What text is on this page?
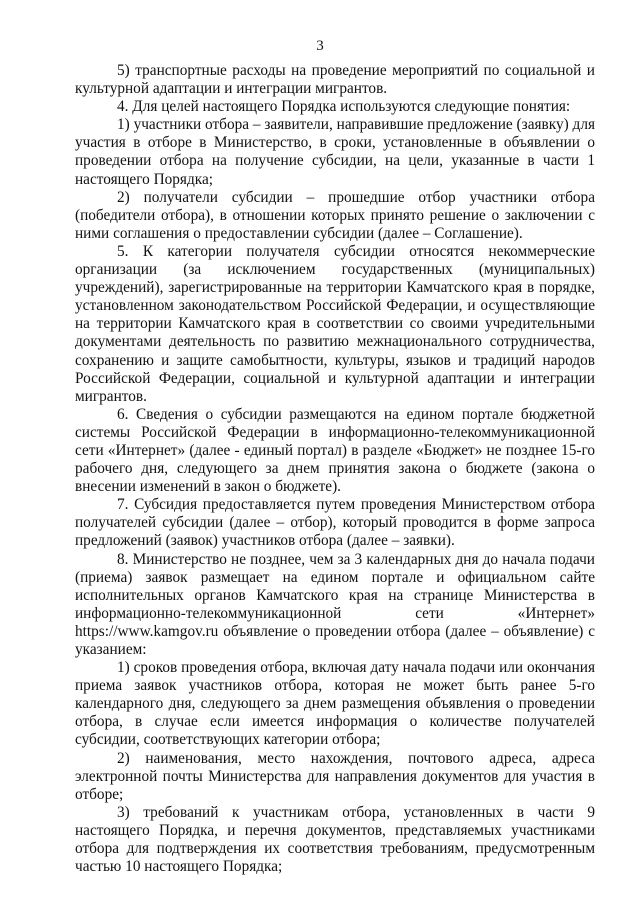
3

5) транспортные расходы на проведение мероприятий по социальной и культурной адаптации и интеграции мигрантов.

4. Для целей настоящего Порядка используются следующие понятия:

1) участники отбора – заявители, направившие предложение (заявку) для участия в отборе в Министерство, в сроки, установленные в объявлении о проведении отбора на получение субсидии, на цели, указанные в части 1 настоящего Порядка;

2) получатели субсидии – прошедшие отбор участники отбора (победители отбора), в отношении которых принято решение о заключении с ними соглашения о предоставлении субсидии (далее – Соглашение).

5. К категории получателя субсидии относятся некоммерческие организации (за исключением государственных (муниципальных) учреждений), зарегистрированные на территории Камчатского края в порядке, установленном законодательством Российской Федерации, и осуществляющие на территории Камчатского края в соответствии со своими учредительными документами деятельность по развитию межнационального сотрудничества, сохранению и защите самобытности, культуры, языков и традиций народов Российской Федерации, социальной и культурной адаптации и интеграции мигрантов.

6. Сведения о субсидии размещаются на едином портале бюджетной системы Российской Федерации в информационно-телекоммуникационной сети «Интернет» (далее - единый портал) в разделе «Бюджет» не позднее 15-го рабочего дня, следующего за днем принятия закона о бюджете (закона о внесении изменений в закон о бюджете).

7. Субсидия предоставляется путем проведения Министерством отбора получателей субсидии (далее – отбор), который проводится в форме запроса предложений (заявок) участников отбора (далее – заявки).

8. Министерство не позднее, чем за 3 календарных дня до начала подачи (приема) заявок размещает на едином портале и официальном сайте исполнительных органов Камчатского края на странице Министерства в информационно-телекоммуникационной сети «Интернет» https://www.kamgov.ru объявление о проведении отбора (далее – объявление) с указанием:

1) сроков проведения отбора, включая дату начала подачи или окончания приема заявок участников отбора, которая не может быть ранее 5-го календарного дня, следующего за днем размещения объявления о проведении отбора, в случае если имеется информация о количестве получателей субсидии, соответствующих категории отбора;

2) наименования, место нахождения, почтового адреса, адреса электронной почты Министерства для направления документов для участия в отборе;

3) требований к участникам отбора, установленных в части 9 настоящего Порядка, и перечня документов, представляемых участниками отбора для подтверждения их соответствия требованиям, предусмотренным частью 10 настоящего Порядка;
